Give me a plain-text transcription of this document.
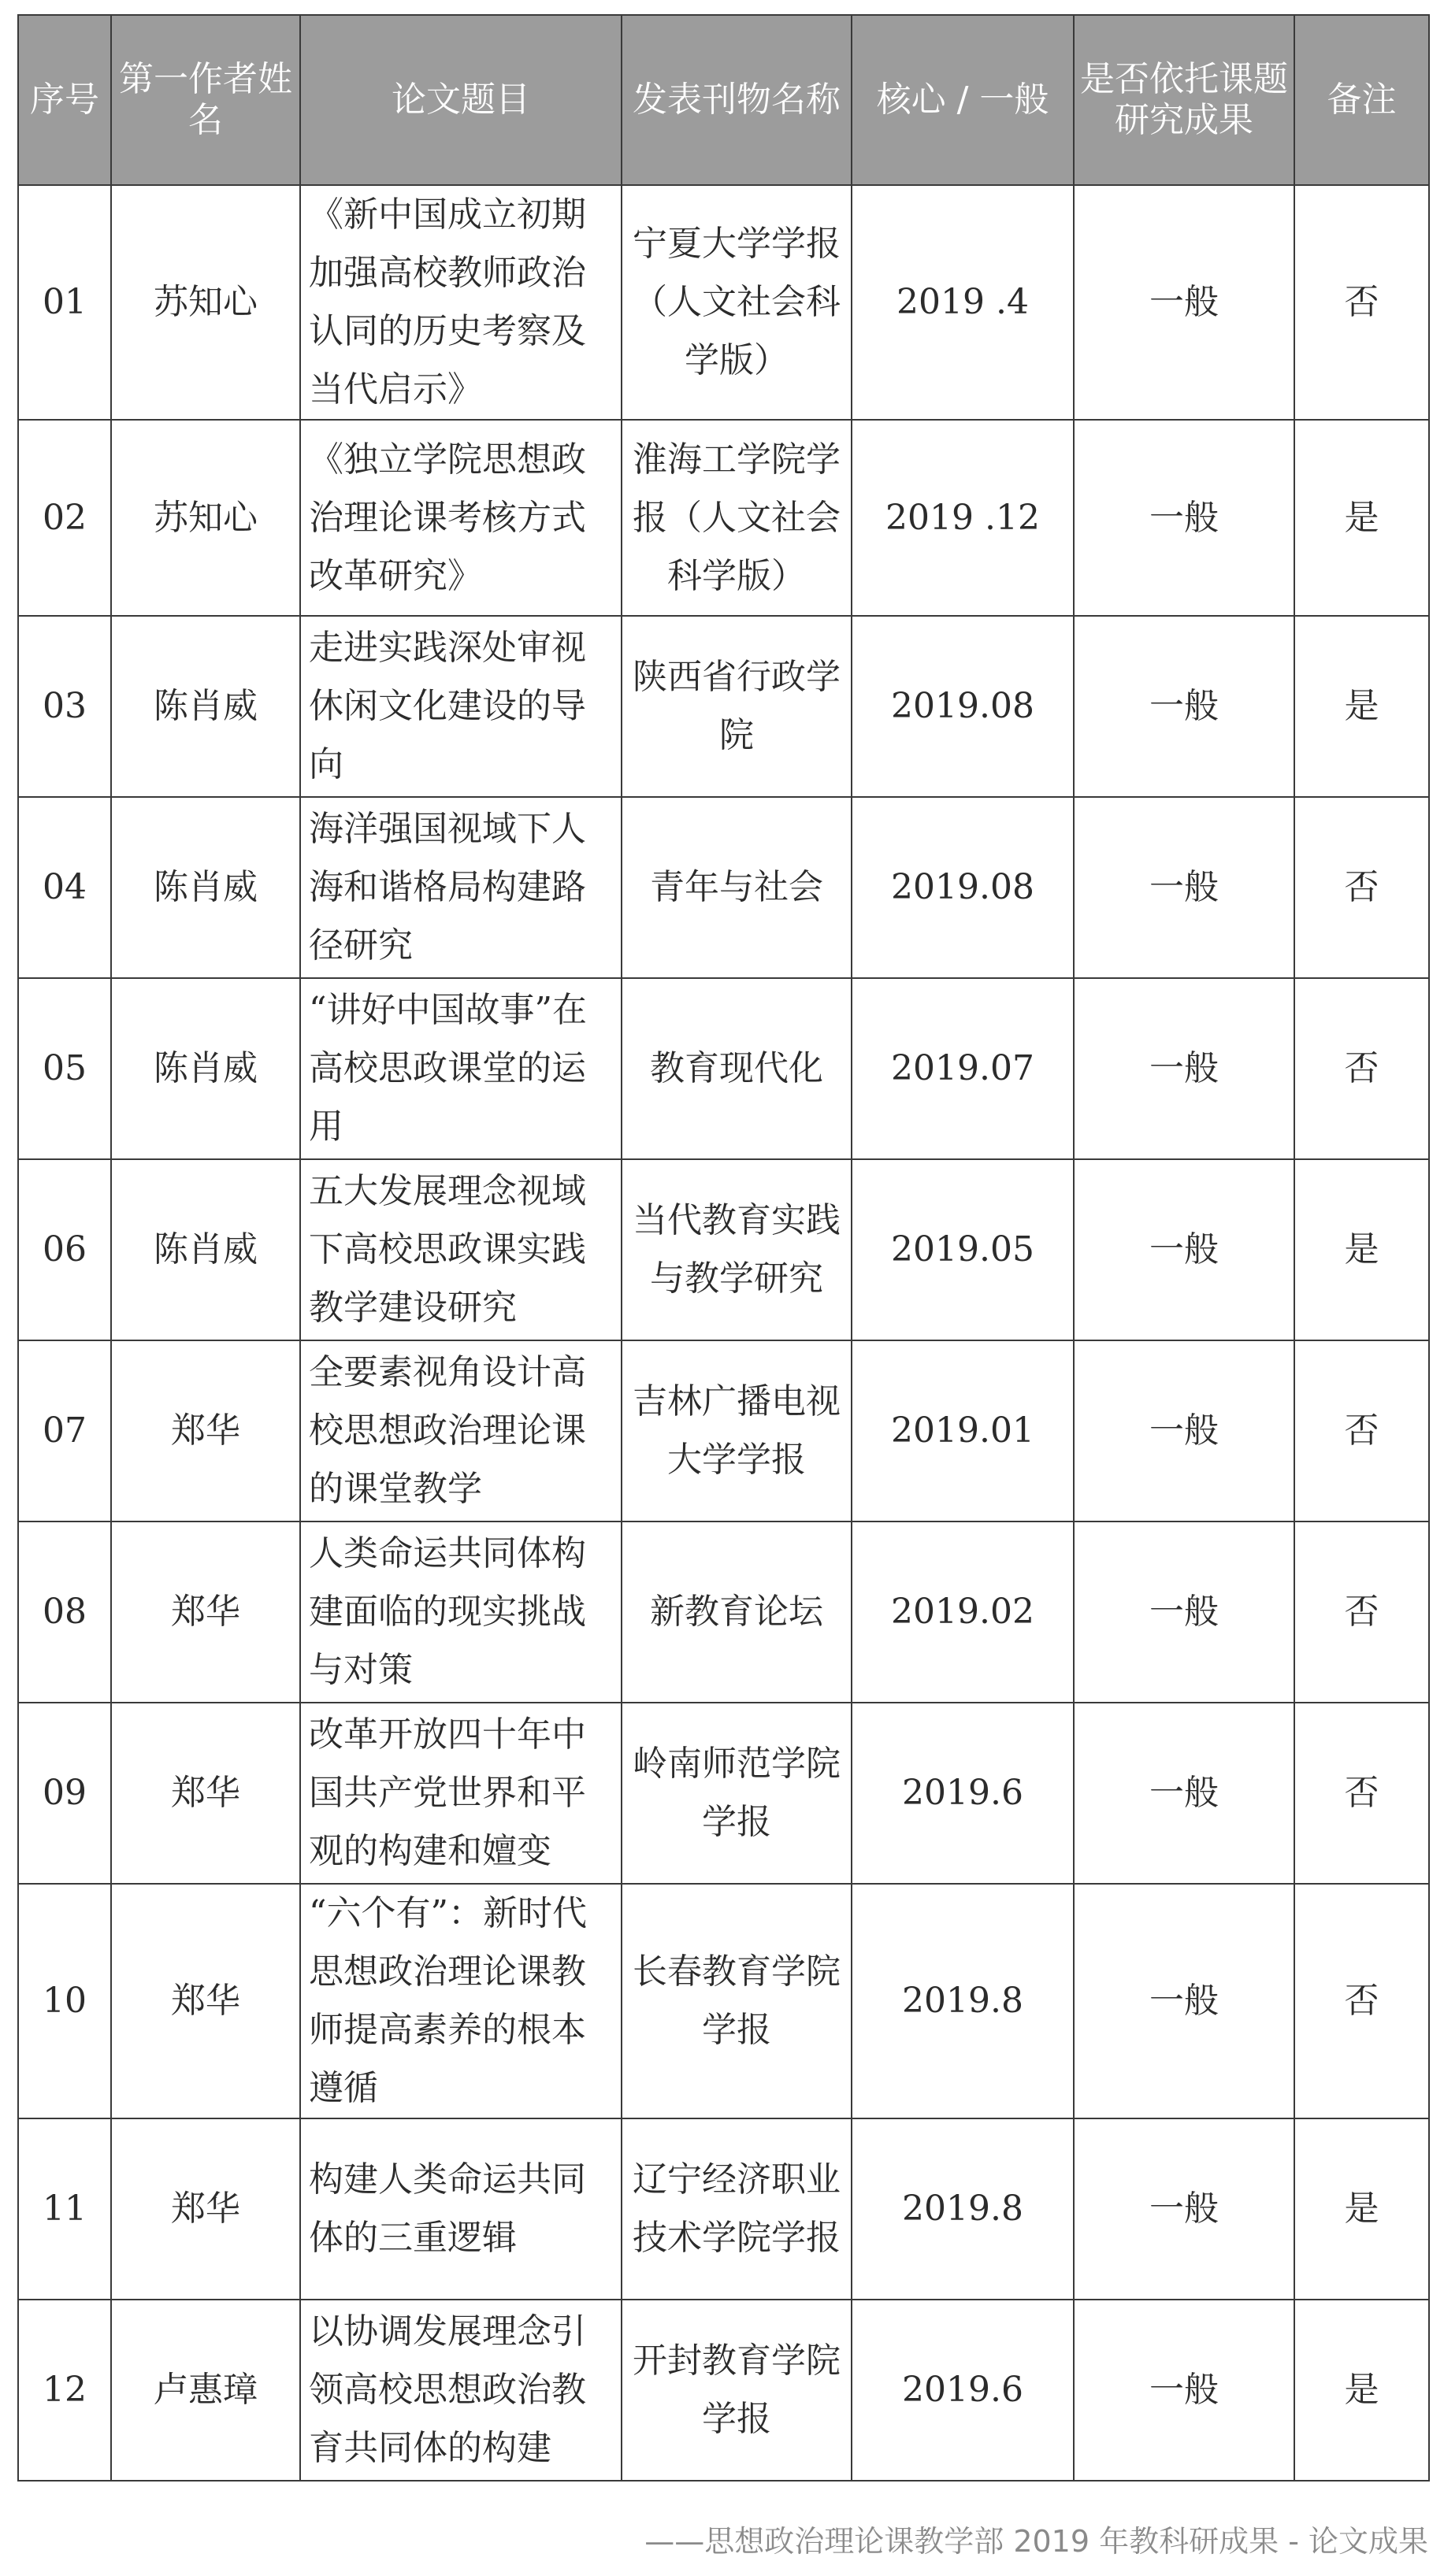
序号	第一作者姓名	论文题目	发表刊物名称	核心 / 一般	是否依托课题研究成果	备注
01	苏知心	《新中国成立初期加强高校教师政治认同的历史考察及当代启示》	宁夏大学学报（人文社会科学版）	2019 .4	一般	否
02	苏知心	《独立学院思想政治理论课考核方式改革研究》	淮海工学院学报（人文社会科学版）	2019 .12	一般	是
03	陈肖威	走进实践深处审视休闲文化建设的导向	陕西省行政学院	2019.08	一般	是
04	陈肖威	海洋强国视域下人海和谐格局构建路径研究	青年与社会	2019.08	一般	否
05	陈肖威	“讲好中国故事”在高校思政课堂的运用	教育现代化	2019.07	一般	否
06	陈肖威	五大发展理念视域下高校思政课实践教学建设研究	当代教育实践与教学研究	2019.05	一般	是
07	郑华	全要素视角设计高校思想政治理论课的课堂教学	吉林广播电视大学学报	2019.01	一般	否
08	郑华	人类命运共同体构建面临的现实挑战与对策	新教育论坛	2019.02	一般	否
09	郑华	改革开放四十年中国共产党世界和平观的构建和嬗变	岭南师范学院学报	2019.6	一般	否
10	郑华	“六个有”：新时代思想政治理论课教师提高素养的根本遵循	长春教育学院学报	2019.8	一般	否
11	郑华	构建人类命运共同体的三重逻辑	辽宁经济职业技术学院学报	2019.8	一般	是
12	卢惠璋	以协调发展理念引领高校思想政治教育共同体的构建	开封教育学院学报	2019.6	一般	是
——思想政治理论课教学部 2019 年教科研成果 - 论文成果
